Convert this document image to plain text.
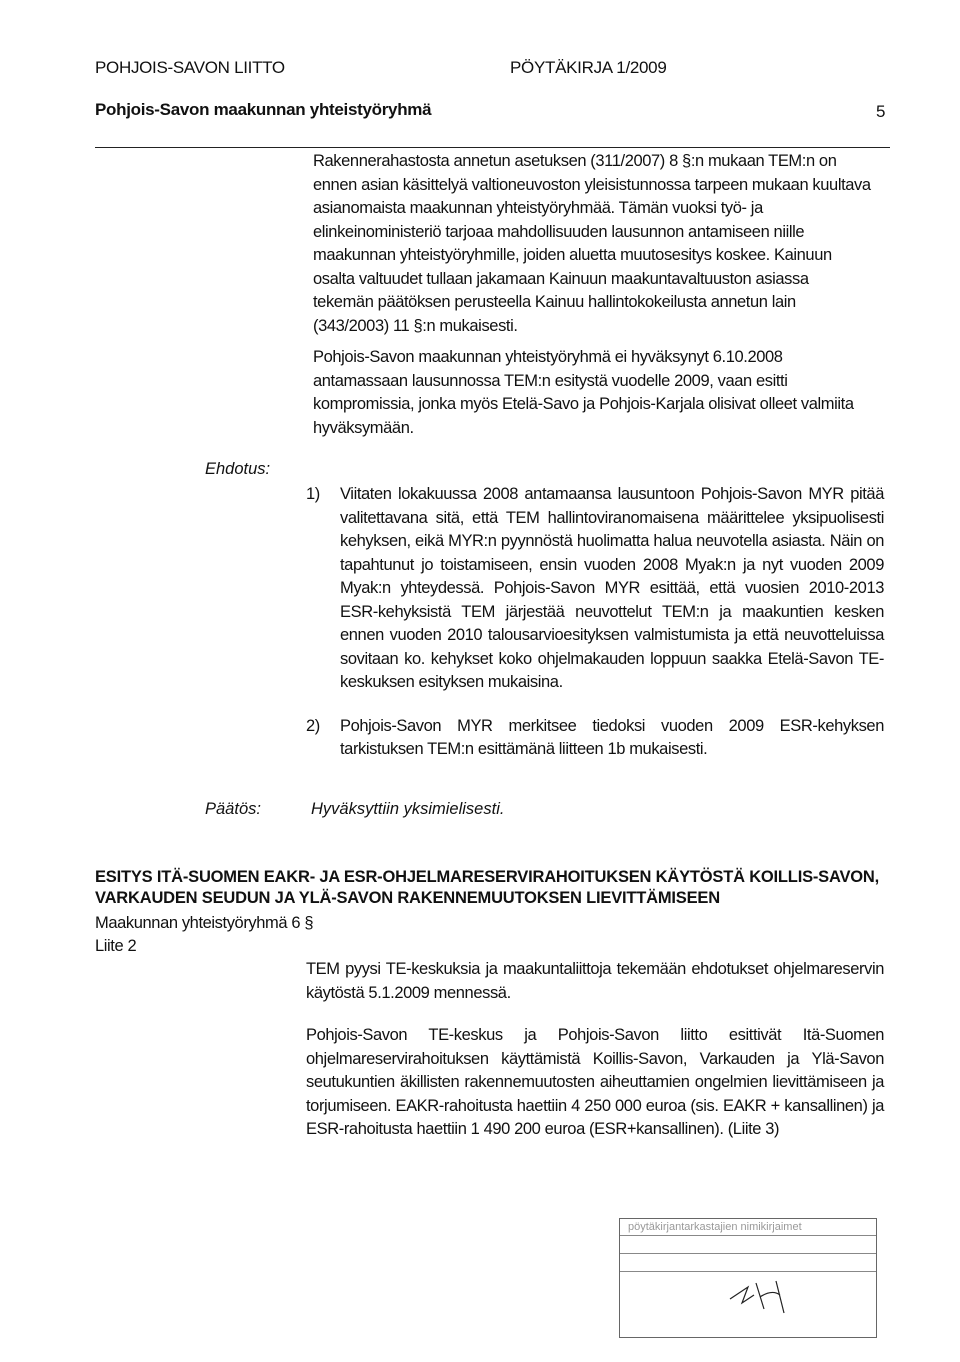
POHJOIS-SAVON LIITTO	PÖYTÄKIRJA 1/2009
Pohjois-Savon maakunnan yhteistyöryhmä	5
Rakennerahastosta annetun asetuksen (311/2007) 8 §:n mukaan TEM:n on ennen asian käsittelyä valtioneuvoston yleisistunnossa tarpeen mukaan kuultava asianomaista maakunnan yhteistyöryhmää. Tämän vuoksi työ- ja elinkeinoministeriö tarjoaa mahdollisuuden lausunnon antamiseen niille maakunnan yhteistyöryhmille, joiden aluetta muutosesitys koskee. Kainuun osalta valtuudet tullaan jakamaan Kainuun maakuntavaltuuston asiassa tekemän päätöksen perusteella Kainuu hallintokokeilusta annetun lain (343/2003) 11 §:n mukaisesti.
Pohjois-Savon maakunnan yhteistyöryhmä ei hyväksynyt 6.10.2008 antamassaan lausunnossa TEM:n esitystä vuodelle 2009, vaan esitti kompromissia, jonka myös Etelä-Savo ja Pohjois-Karjala olisivat olleet valmiita hyväksymään.
Ehdotus:
1)	Viitaten lokakuussa 2008 antamaansa lausuntoon Pohjois-Savon MYR pitää valitettavana sitä, että TEM hallintoviranomaisena määrittelee yksipuolisesti kehyksen, eikä MYR:n pyynnöstä huolimatta halua neuvotella asiasta. Näin on tapahtunut jo toistamiseen, ensin vuoden 2008 Myak:n ja nyt vuoden 2009 Myak:n yhteydessä. Pohjois-Savon MYR esittää, että vuosien 2010-2013 ESR-kehyksistä TEM järjestää neuvottelut TEM:n ja maakuntien kesken ennen vuoden 2010 talousarvioesityksen valmistumista ja että neuvotteluissa sovitaan ko. kehykset koko ohjelmakauden loppuun saakka Etelä-Savon TE-keskuksen esityksen mukaisina.
2)	Pohjois-Savon MYR merkitsee tiedoksi vuoden 2009 ESR-kehyksen tarkistuksen TEM:n esittämänä liitteen 1b mukaisesti.
Päätös:	Hyväksyttiin yksimielisesti.
ESITYS ITÄ-SUOMEN EAKR- JA ESR-OHJELMARESERVIRAHOITUKSEN KÄYTÖSTÄ KOILLIS-SAVON, VARKAUDEN SEUDUN JA YLÄ-SAVON RAKENNEMUUTOKSEN LIEVITTÄMISEEN
Maakunnan yhteistyöryhmä 6 §
Liite 2
TEM pyysi TE-keskuksia ja maakuntaliittoja tekemään ehdotukset ohjelmareservin käytöstä 5.1.2009 mennessä.
Pohjois-Savon TE-keskus ja Pohjois-Savon liitto esittivät Itä-Suomen ohjelmareservirahoituksen käyttämistä Koillis-Savon, Varkauden ja Ylä-Savon seutukuntien äkillisten rakennemuutosten aiheuttamien ongelmien lievittämiseen ja torjumiseen. EAKR-rahoitusta haettiin 4 250 000 euroa (sis. EAKR + kansallinen) ja ESR-rahoitusta haettiin 1 490 200 euroa (ESR+kansallinen). (Liite 3)
pöytäkirjantarkastajien nimikirjaimet
